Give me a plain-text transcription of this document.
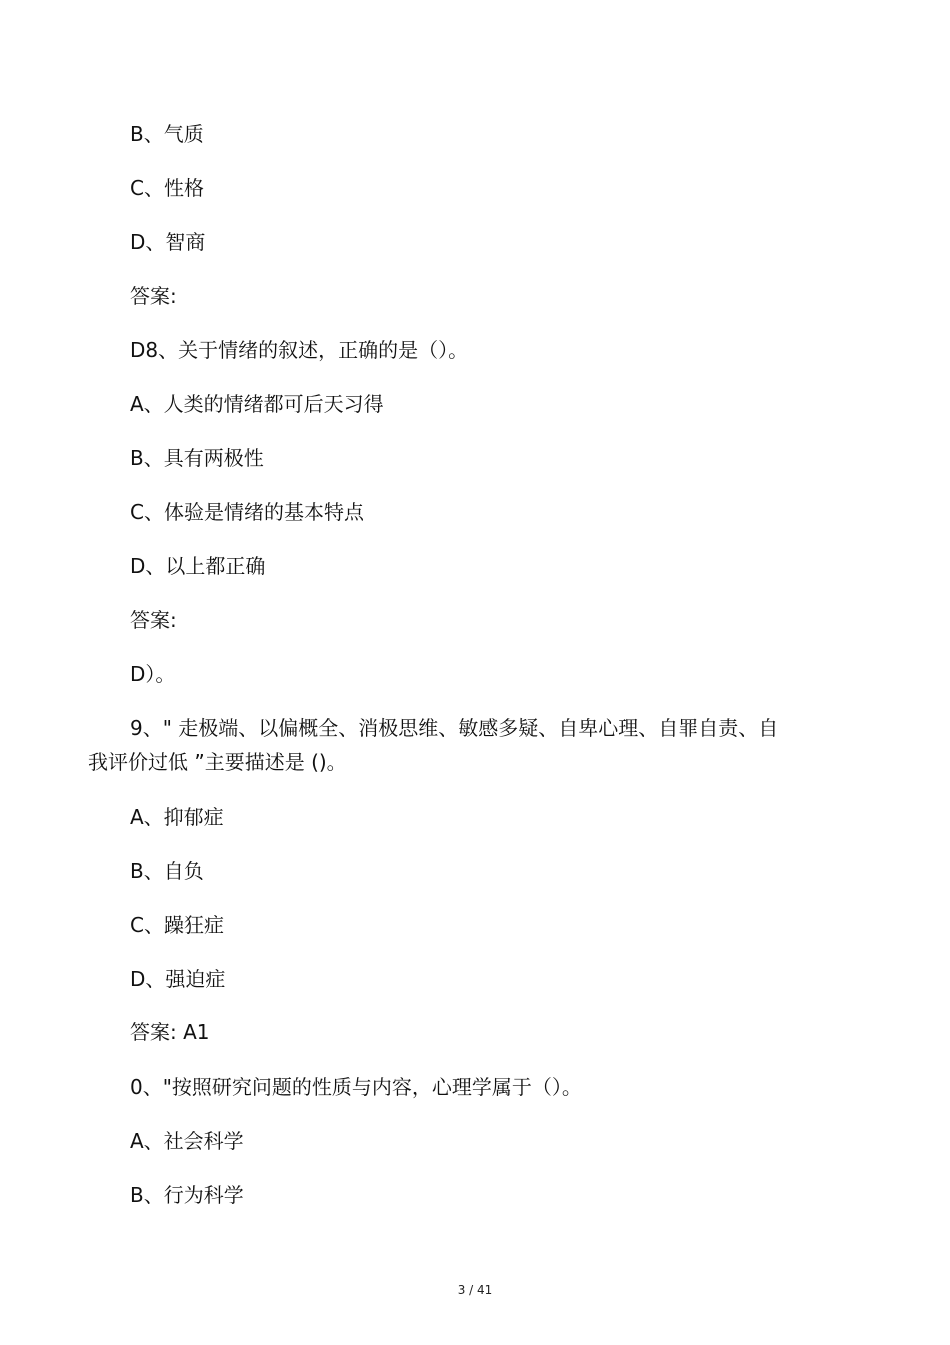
B、气质
C、性格
D、智商
答案:
D8、关于情绪的叙述，正确的是（）。
A、人类的情绪都可后天习得
B、具有两极性
C、体验是情绪的基本特点
D、以上都正确
答案:
D）。
9、" 走极端、以偏概全、消极思维、敏感多疑、自卑心理、自罪自责、自
我评价过低 ”主要描述是 ()。
A、抑郁症
B、自负
C、躁狂症
D、强迫症
答案: A1
0、"按照研究问题的性质与内容，心理学属于（）。
A、社会科学
B、行为科学
3 / 41
